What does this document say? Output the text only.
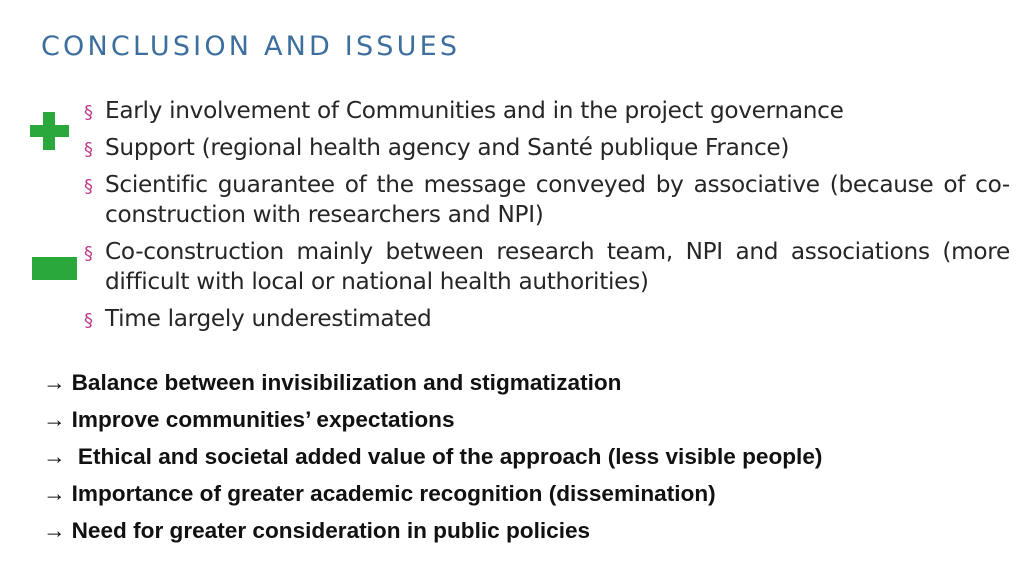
CONCLUSION AND ISSUES
§ Early involvement of Communities and in the project governance
§ Support (regional health agency and Santé publique France)
§ Scientific guarantee of the message conveyed by associative (because of co-construction with researchers and NPI)
§ Co-construction mainly between research team, NPI and associations (more difficult with local or national health authorities)
§ Time largely underestimated
→ Balance between invisibilization and stigmatization
→ Improve communities’ expectations
→ Ethical and societal added value of the approach (less visible people)
→ Importance of greater academic recognition (dissemination)
→ Need for greater consideration in public policies
